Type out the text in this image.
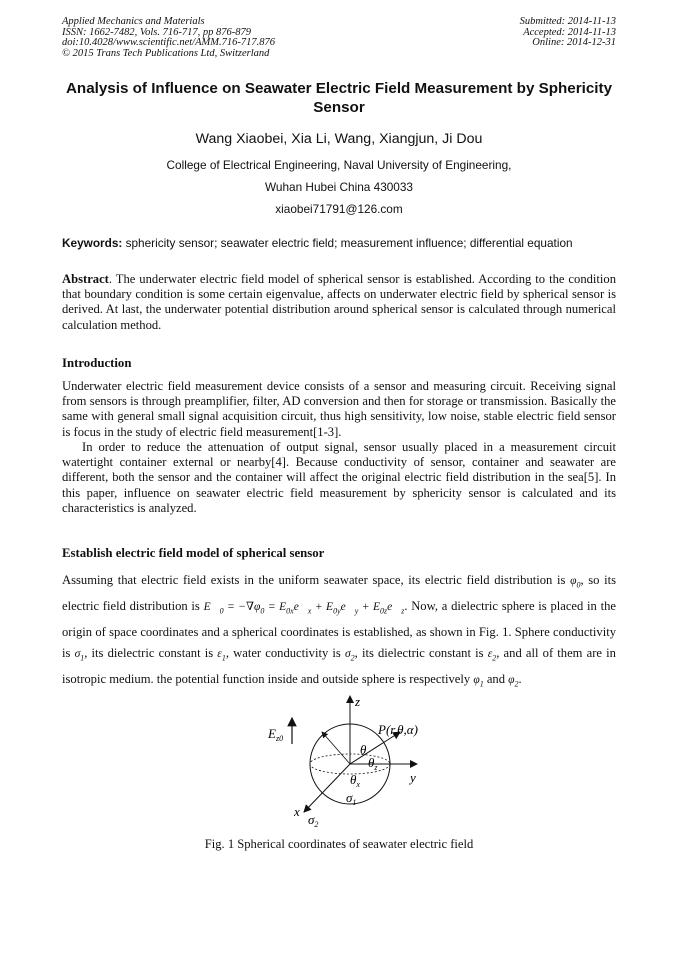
Applied Mechanics and Materials
ISSN: 1662-7482, Vols. 716-717, pp 876-879
doi:10.4028/www.scientific.net/AMM.716-717.876
© 2015 Trans Tech Publications Ltd, Switzerland
Submitted: 2014-11-13
Accepted: 2014-11-13
Online: 2014-12-31
Analysis of Influence on Seawater Electric Field Measurement by Sphericity Sensor
Wang Xiaobei, Xia Li, Wang, Xiangjun, Ji Dou
College of Electrical Engineering, Naval University of Engineering,
Wuhan Hubei China 430033
xiaobei71791@126.com
Keywords: sphericity sensor; seawater electric field; measurement influence; differential equation
Abstract. The underwater electric field model of spherical sensor is established. According to the condition that boundary condition is some certain eigenvalue, affects on underwater electric field by spherical sensor is derived. At last, the underwater potential distribution around spherical sensor is calculated through numerical calculation method.
Introduction
Underwater electric field measurement device consists of a sensor and measuring circuit. Receiving signal from sensors is through preamplifier, filter, AD conversion and then for storage or transmission. Basically the same with general small signal acquisition circuit, thus high sensitivity, low noise, stable electric field sensor is focus in the study of electric field measurement[1-3].
In order to reduce the attenuation of output signal, sensor usually placed in a measurement circuit watertight container external or nearby[4]. Because conductivity of sensor, container and seawater are different, both the sensor and the container will affect the original electric field distribution in the sea[5]. In this paper, influence on seawater electric field measurement by sphericity sensor is calculated and its characteristics is analyzed.
Establish electric field model of spherical sensor
Assuming that electric field exists in the uniform seawater space, its electric field distribution is $\varphi_0$, so its electric field distribution is $E⃗_0 = -\nabla\varphi_0$ = $E_{0x}e⃗_x$ + $E_{0y}e⃗_y$ + $E_{0z}e⃗_z$. Now, a dielectric sphere is placed in the origin of space coordinates and a spherical coordinates is established, as shown in Fig. 1. Sphere conductivity is $\sigma_1$, its dielectric constant is $\varepsilon_1$, water conductivity is $\sigma_2$, its dielectric constant is $\varepsilon_2$, and all of them are in isotropic medium. the potential function inside and outside sphere is respectively $\varphi_1$ and $\varphi_2$.
z
y
x
P(r,θ,α)
$E_{z0}$
θ
$\theta_z$
$\theta_x$
$\sigma_1$
$\sigma_2$
Fig. 1 Spherical coordinates of seawater electric field
